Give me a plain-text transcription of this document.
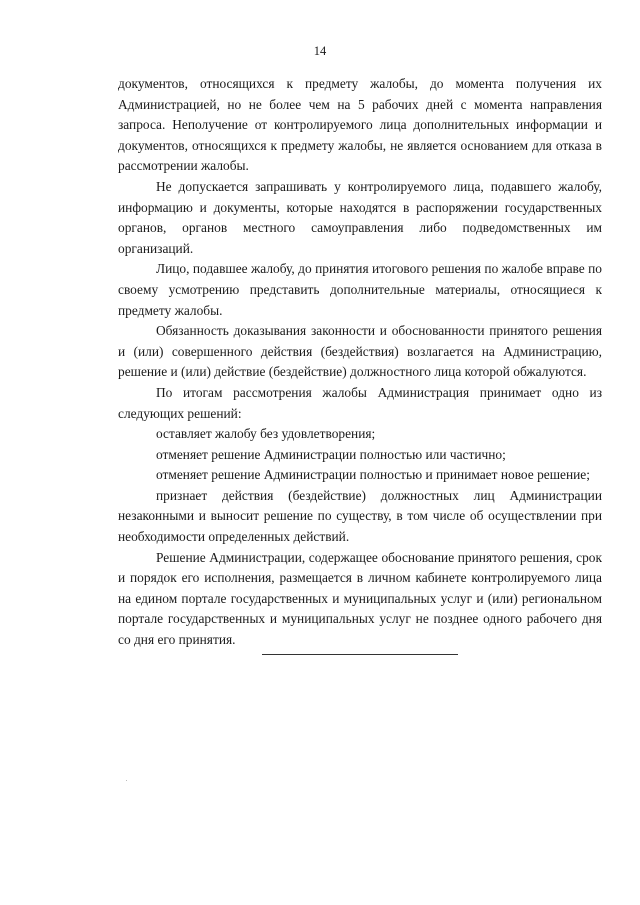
14

документов, относящихся к предмету жалобы, до момента получения их Администрацией, но не более чем на 5 рабочих дней с момента направления запроса. Неполучение от контролируемого лица дополнительных информации и документов, относящихся к предмету жалобы, не является основанием для отказа в рассмотрении жалобы.

Не допускается запрашивать у контролируемого лица, подавшего жалобу, информацию и документы, которые находятся в распоряжении государственных органов, органов местного самоуправления либо подведомственных им организаций.

Лицо, подавшее жалобу, до принятия итогового решения по жалобе вправе по своему усмотрению представить дополнительные материалы, относящиеся к предмету жалобы.

Обязанность доказывания законности и обоснованности принятого решения и (или) совершенного действия (бездействия) возлагается на Администрацию, решение и (или) действие (бездействие) должностного лица которой обжалуются.

По итогам рассмотрения жалобы Администрация принимает одно из следующих решений:

оставляет жалобу без удовлетворения;

отменяет решение Администрации полностью или частично;

отменяет решение Администрации полностью и принимает новое решение;

признает действия (бездействие) должностных лиц Администрации незаконными и выносит решение по существу, в том числе об осуществлении при необходимости определенных действий.

Решение Администрации, содержащее обоснование принятого решения, срок и порядок его исполнения, размещается в личном кабинете контролируемого лица на едином портале государственных и муниципальных услуг и (или) региональном портале государственных и муниципальных услуг не позднее одного рабочего дня со дня его принятия.
